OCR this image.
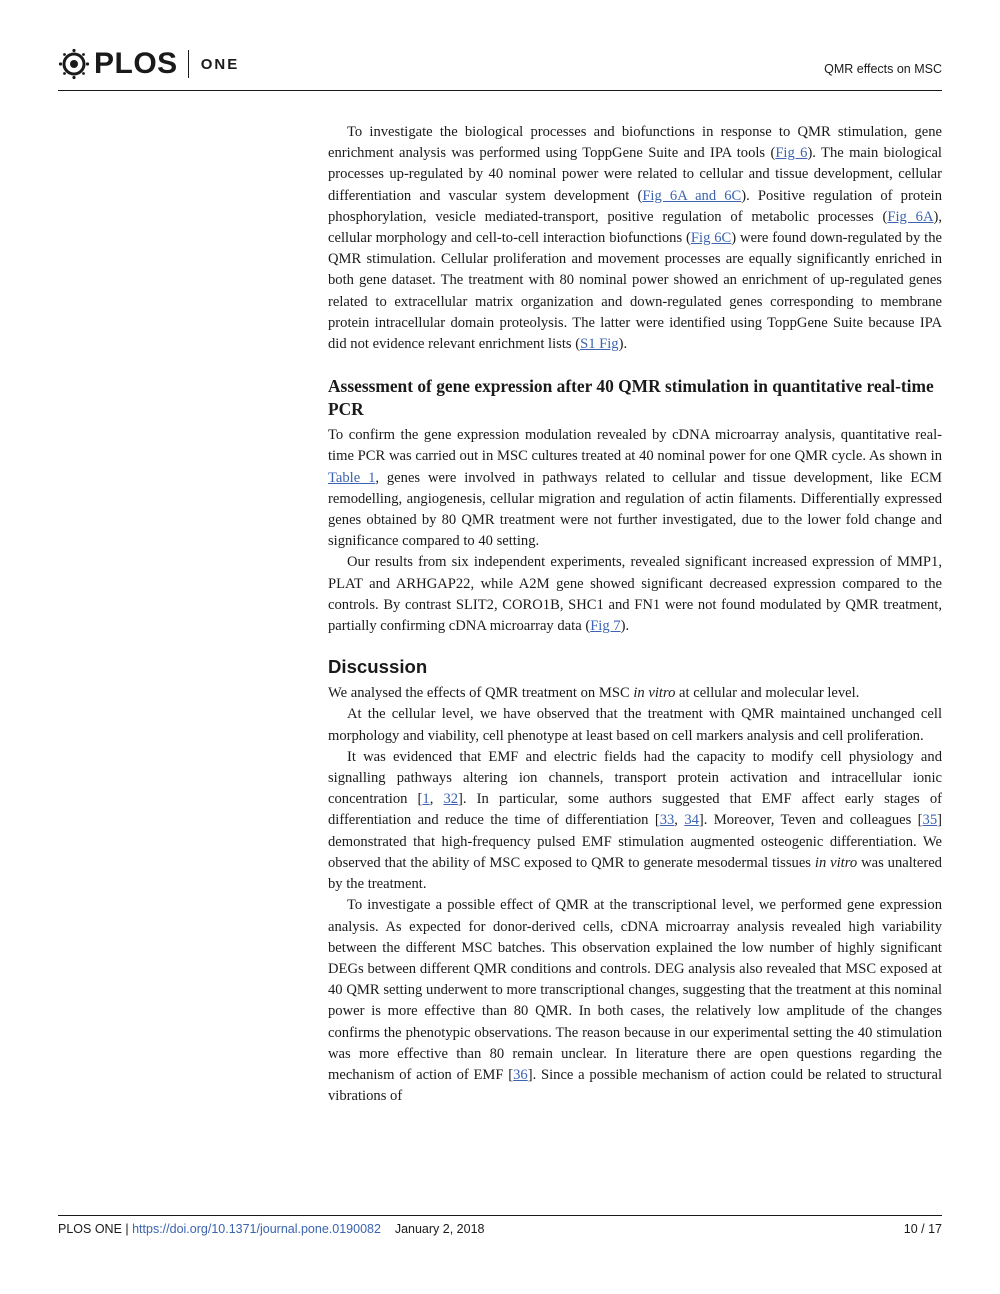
PLOS ONE	QMR effects on MSC

To investigate the biological processes and biofunctions in response to QMR stimulation, gene enrichment analysis was performed using ToppGene Suite and IPA tools (Fig 6). The main biological processes up-regulated by 40 nominal power were related to cellular and tissue development, cellular differentiation and vascular system development (Fig 6A and 6C). Positive regulation of protein phosphorylation, vesicle mediated-transport, positive regulation of metabolic processes (Fig 6A), cellular morphology and cell-to-cell interaction biofunctions (Fig 6C) were found down-regulated by the QMR stimulation. Cellular proliferation and movement processes are equally significantly enriched in both gene dataset. The treatment with 80 nominal power showed an enrichment of up-regulated genes related to extracellular matrix organization and down-regulated genes corresponding to membrane protein intracellular domain proteolysis. The latter were identified using ToppGene Suite because IPA did not evidence relevant enrichment lists (S1 Fig).

Assessment of gene expression after 40 QMR stimulation in quantitative real-time PCR

To confirm the gene expression modulation revealed by cDNA microarray analysis, quantitative real-time PCR was carried out in MSC cultures treated at 40 nominal power for one QMR cycle. As shown in Table 1, genes were involved in pathways related to cellular and tissue development, like ECM remodelling, angiogenesis, cellular migration and regulation of actin filaments. Differentially expressed genes obtained by 80 QMR treatment were not further investigated, due to the lower fold change and significance compared to 40 setting.

Our results from six independent experiments, revealed significant increased expression of MMP1, PLAT and ARHGAP22, while A2M gene showed significant decreased expression compared to the controls. By contrast SLIT2, CORO1B, SHC1 and FN1 were not found modulated by QMR treatment, partially confirming cDNA microarray data (Fig 7).

Discussion

We analysed the effects of QMR treatment on MSC in vitro at cellular and molecular level.

At the cellular level, we have observed that the treatment with QMR maintained unchanged cell morphology and viability, cell phenotype at least based on cell markers analysis and cell proliferation.

It was evidenced that EMF and electric fields had the capacity to modify cell physiology and signalling pathways altering ion channels, transport protein activation and intracellular ionic concentration [1, 32]. In particular, some authors suggested that EMF affect early stages of differentiation and reduce the time of differentiation [33, 34]. Moreover, Teven and colleagues [35] demonstrated that high-frequency pulsed EMF stimulation augmented osteogenic differentiation. We observed that the ability of MSC exposed to QMR to generate mesodermal tissues in vitro was unaltered by the treatment.

To investigate a possible effect of QMR at the transcriptional level, we performed gene expression analysis. As expected for donor-derived cells, cDNA microarray analysis revealed high variability between the different MSC batches. This observation explained the low number of highly significant DEGs between different QMR conditions and controls. DEG analysis also revealed that MSC exposed at 40 QMR setting underwent to more transcriptional changes, suggesting that the treatment at this nominal power is more effective than 80 QMR. In both cases, the relatively low amplitude of the changes confirms the phenotypic observations. The reason because in our experimental setting the 40 stimulation was more effective than 80 remain unclear. In literature there are open questions regarding the mechanism of action of EMF [36]. Since a possible mechanism of action could be related to structural vibrations of

PLOS ONE | https://doi.org/10.1371/journal.pone.0190082 January 2, 2018	10 / 17
